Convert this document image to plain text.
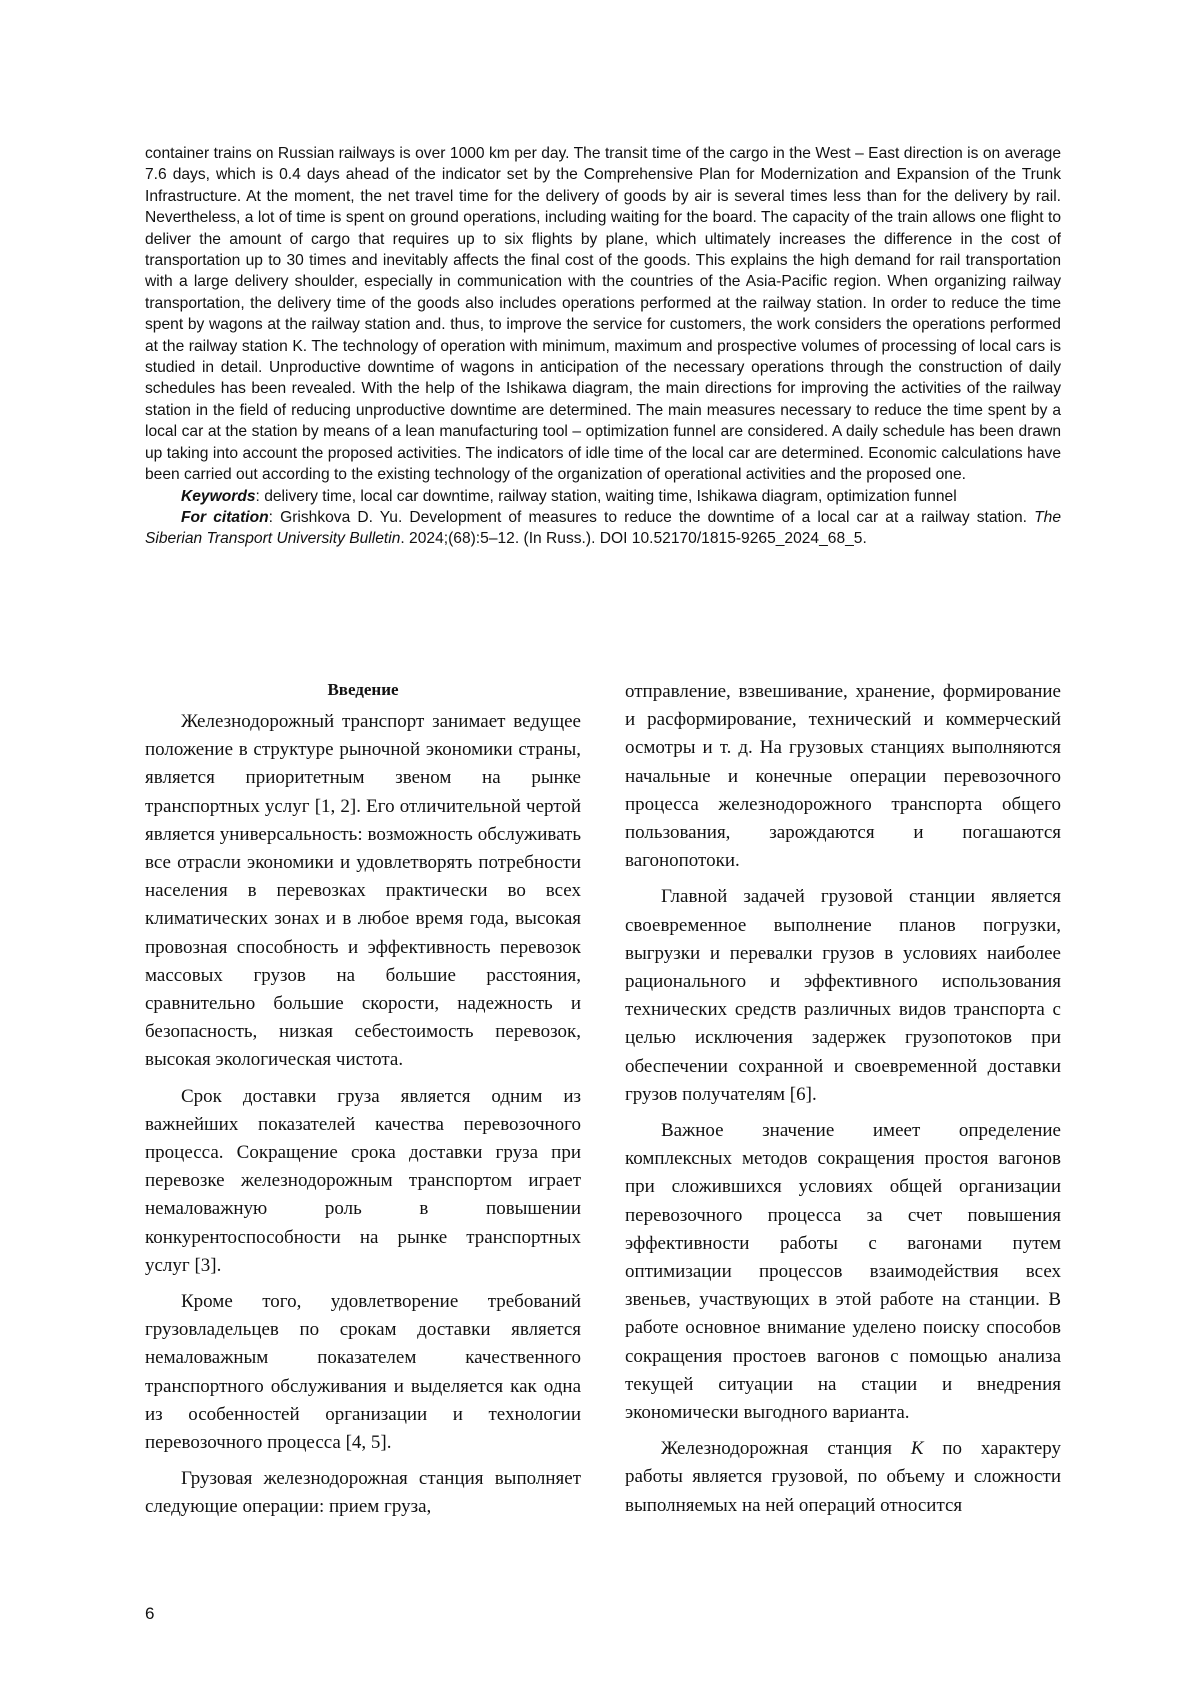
container trains on Russian railways is over 1000 km per day. The transit time of the cargo in the West – East direction is on average 7.6 days, which is 0.4 days ahead of the indicator set by the Comprehensive Plan for Modernization and Expansion of the Trunk Infrastructure. At the moment, the net travel time for the delivery of goods by air is several times less than for the delivery by rail. Nevertheless, a lot of time is spent on ground operations, including waiting for the board. The capacity of the train allows one flight to deliver the amount of cargo that requires up to six flights by plane, which ultimately increases the difference in the cost of transportation up to 30 times and inevitably affects the final cost of the goods. This explains the high demand for rail transportation with a large delivery shoulder, especially in communication with the countries of the Asia-Pacific region. When organizing railway transportation, the delivery time of the goods also includes operations performed at the railway station. In order to reduce the time spent by wagons at the railway station and. thus, to improve the service for customers, the work considers the operations performed at the railway station K. The technology of operation with minimum, maximum and prospective volumes of processing of local cars is studied in detail. Unproductive downtime of wagons in anticipation of the necessary operations through the construction of daily schedules has been revealed. With the help of the Ishikawa diagram, the main directions for improving the activities of the railway station in the field of reducing unproductive downtime are determined. The main measures necessary to reduce the time spent by a local car at the station by means of a lean manufacturing tool – optimization funnel are considered. A daily schedule has been drawn up taking into account the proposed activities. The indicators of idle time of the local car are determined. Economic calculations have been carried out according to the existing technology of the organization of operational activities and the proposed one.

Keywords: delivery time, local car downtime, railway station, waiting time, Ishikawa diagram, optimization funnel

For citation: Grishkova D. Yu. Development of measures to reduce the downtime of a local car at a railway station. The Siberian Transport University Bulletin. 2024;(68):5–12. (In Russ.). DOI 10.52170/1815-9265_2024_68_5.

Введение

Железнодорожный транспорт занимает ведущее положение в структуре рыночной экономики страны, является приоритетным звеном на рынке транспортных услуг [1, 2]. Его отличительной чертой является универсальность: возможность обслуживать все отрасли экономики и удовлетворять потребности населения в перевозках практически во всех климатических зонах и в любое время года, высокая провозная способность и эффективность перевозок массовых грузов на большие расстояния, сравнительно большие скорости, надежность и безопасность, низкая себестоимость перевозок, высокая экологическая чистота.

Срок доставки груза является одним из важнейших показателей качества перевозочного процесса. Сокращение срока доставки груза при перевозке железнодорожным транспортом играет немаловажную роль в повышении конкурентоспособности на рынке транспортных услуг [3].

Кроме того, удовлетворение требований грузовладельцев по срокам доставки является немаловажным показателем качественного транспортного обслуживания и выделяется как одна из особенностей организации и технологии перевозочного процесса [4, 5].

Грузовая железнодорожная станция выполняет следующие операции: прием груза,

отправление, взвешивание, хранение, формирование и расформирование, технический и коммерческий осмотры и т. д. На грузовых станциях выполняются начальные и конечные операции перевозочного процесса железнодорожного транспорта общего пользования, зарождаются и погашаются вагонопотоки.

Главной задачей грузовой станции является своевременное выполнение планов погрузки, выгрузки и перевалки грузов в условиях наиболее рационального и эффективного использования технических средств различных видов транспорта с целью исключения задержек грузопотоков при обеспечении сохранной и своевременной доставки грузов получателям [6].

Важное значение имеет определение комплексных методов сокращения простоя вагонов при сложившихся условиях общей организации перевозочного процесса за счет повышения эффективности работы с вагонами путем оптимизации процессов взаимодействия всех звеньев, участвующих в этой работе на станции. В работе основное внимание уделено поиску способов сокращения простоев вагонов с помощью анализа текущей ситуации на стации и внедрения экономически выгодного варианта.

Железнодорожная станция К по характеру работы является грузовой, по объему и сложности выполняемых на ней операций относится

6
